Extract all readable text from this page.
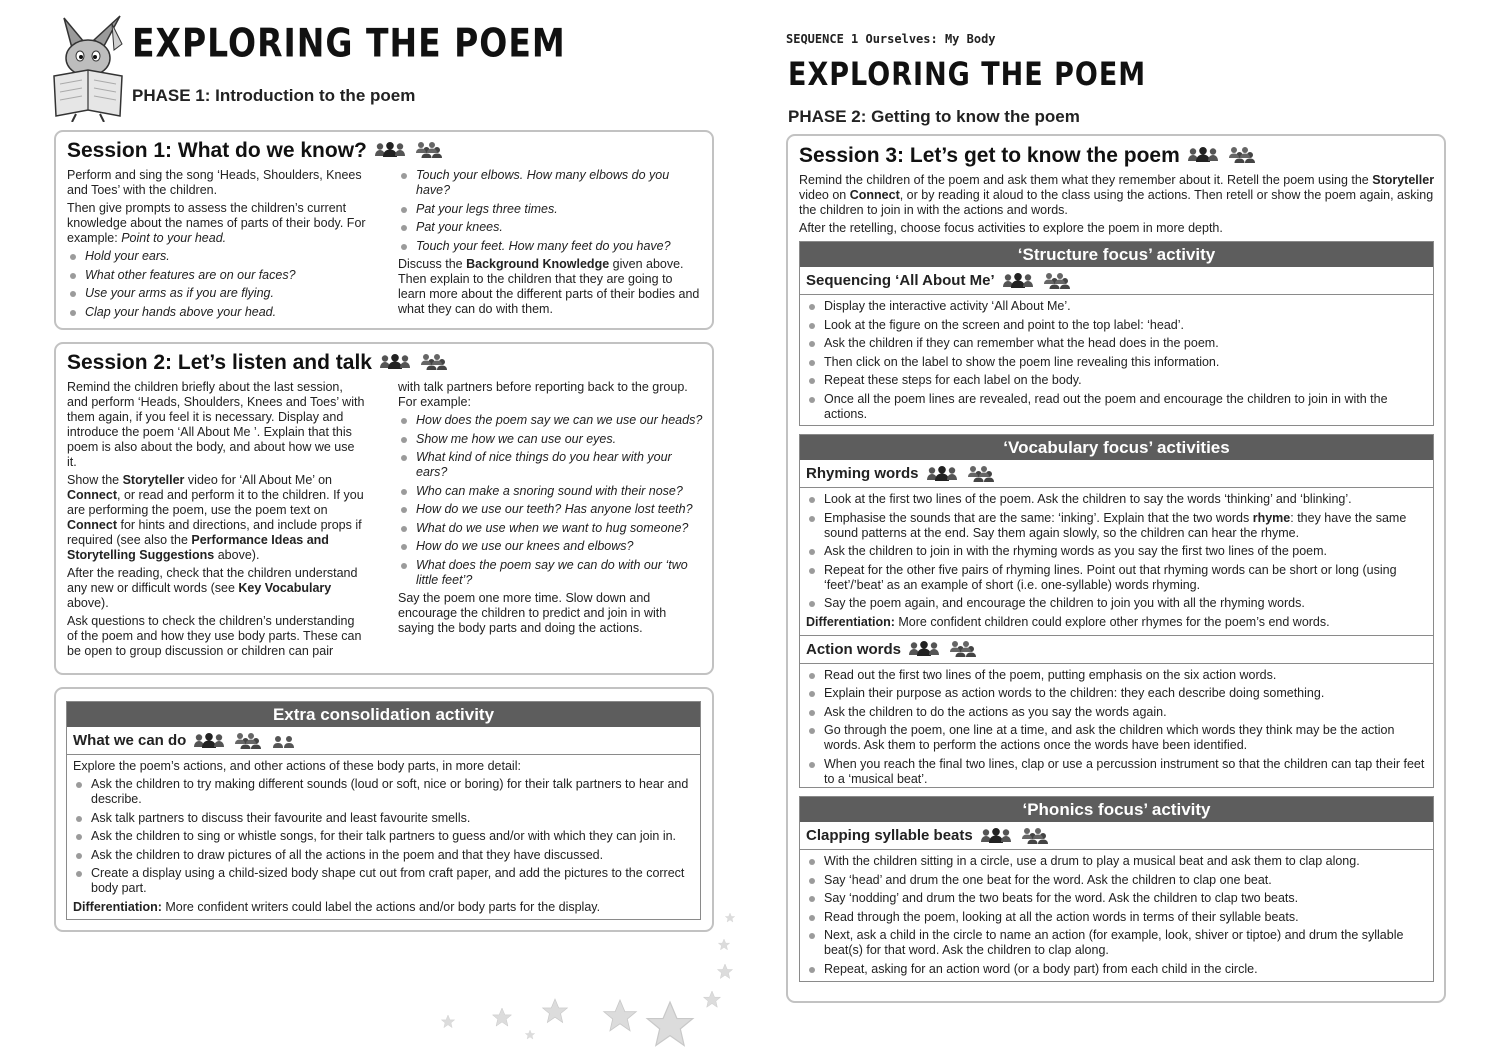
EXPLORING THE POEM
PHASE 1: Introduction to the poem
Session 1: What do we know?

Perform and sing the song ‘Heads, Shoulders, Knees and Toes’ with the children.

Then give prompts to assess the children’s current knowledge about the names of parts of their body. For example: Point to your head.

Hold your ears.
What other features are on our faces?
Use your arms as if you are flying.
Clap your hands above your head.
Touch your elbows. How many elbows do you have?
Pat your legs three times.
Pat your knees.
Touch your feet. How many feet do you have?

Discuss the Background Knowledge given above. Then explain to the children that they are going to learn more about the different parts of their bodies and what they can do with them.

Session 2: Let’s listen and talk

Remind the children briefly about the last session, and perform ‘Heads, Shoulders, Knees and Toes’ with them again, if you feel it is necessary. Display and introduce the poem ‘All About Me ’. Explain that this poem is also about the body, and about how we use it.

Show the Storyteller video for ‘All About Me’ on Connect, or read and perform it to the children. If you are performing the poem, use the poem text on Connect for hints and directions, and include props if required (see also the Performance Ideas and Storytelling Suggestions above).

After the reading, check that the children understand any new or difficult words (see Key Vocabulary above).

Ask questions to check the children’s understanding of the poem and how they use body parts. These can be open to group discussion or children can pair

with talk partners before reporting back to the group. For example:

How does the poem say we can we use our heads?
Show me how we can use our eyes.
What kind of nice things do you hear with your ears?
Who can make a snoring sound with their nose?
How do we use our teeth? Has anyone lost teeth?
What do we use when we want to hug someone?
How do we use our knees and elbows?
What does the poem say we can do with our ‘two little feet’?

Say the poem one more time. Slow down and encourage the children to predict and join in with saying the body parts and doing the actions.

Extra consolidation activity
What we can do

Explore the poem’s actions, and other actions of these body parts, in more detail:

Ask the children to try making different sounds (loud or soft, nice or boring) for their talk partners to hear and describe.
Ask talk partners to discuss their favourite and least favourite smells.
Ask the children to sing or whistle songs, for their talk partners to guess and/or with which they can join in.
Ask the children to draw pictures of all the actions in the poem and that they have discussed.
Create a display using a child-sized body shape cut out from craft paper, and add the pictures to the correct body part.

Differentiation: More confident writers could label the actions and/or body parts for the display.

SEQUENCE 1 Ourselves: My Body
EXPLORING THE POEM
PHASE 2: Getting to know the poem
Session 3: Let’s get to know the poem

Remind the children of the poem and ask them what they remember about it. Retell the poem using the Storyteller video on Connect, or by reading it aloud to the class using the actions. Then retell or show the poem again, asking the children to join in with the actions and words.

After the retelling, choose focus activities to explore the poem in more depth.

‘Structure focus’ activity
Sequencing ‘All About Me’
Display the interactive activity ‘All About Me’.
Look at the figure on the screen and point to the top label: ‘head’.
Ask the children if they can remember what the head does in the poem.
Then click on the label to show the poem line revealing this information.
Repeat these steps for each label on the body.
Once all the poem lines are revealed, read out the poem and encourage the children to join in with the actions.
‘Vocabulary focus’ activities
Rhyming words
Look at the first two lines of the poem. Ask the children to say the words ‘thinking’ and ‘blinking’.
Emphasise the sounds that are the same: ‘inking’. Explain that the two words rhyme: they have the same sound patterns at the end. Say them again slowly, so the children can hear the rhyme.
Ask the children to join in with the rhyming words as you say the first two lines of the poem.
Repeat for the other five pairs of rhyming lines. Point out that rhyming words can be short or long (using ‘feet’/’beat’ as an example of short (i.e. one-syllable) words rhyming.
Say the poem again, and encourage the children to join you with all the rhyming words.

Differentiation: More confident children could explore other rhymes for the poem’s end words.

Action words
Read out the first two lines of the poem, putting emphasis on the six action words.
Explain their purpose as action words to the children: they each describe doing something.
Ask the children to do the actions as you say the words again.
Go through the poem, one line at a time, and ask the children which words they think may be the action words. Ask them to perform the actions once the words have been identified.
When you reach the final two lines, clap or use a percussion instrument so that the children can tap their feet to a ‘musical beat’.
‘Phonics focus’ activity
Clapping syllable beats
With the children sitting in a circle, use a drum to play a musical beat and ask them to clap along.
Say ‘head’ and drum the one beat for the word. Ask the children to clap one beat.
Say ‘nodding’ and drum the two beats for the word. Ask the children to clap two beats.
Read through the poem, looking at all the action words in terms of their syllable beats.
Next, ask a child in the circle to name an action (for example, look, shiver or tiptoe) and drum the syllable beat(s) for that word. Ask the children to clap along.
Repeat, asking for an action word (or a body part) from each child in the circle.
